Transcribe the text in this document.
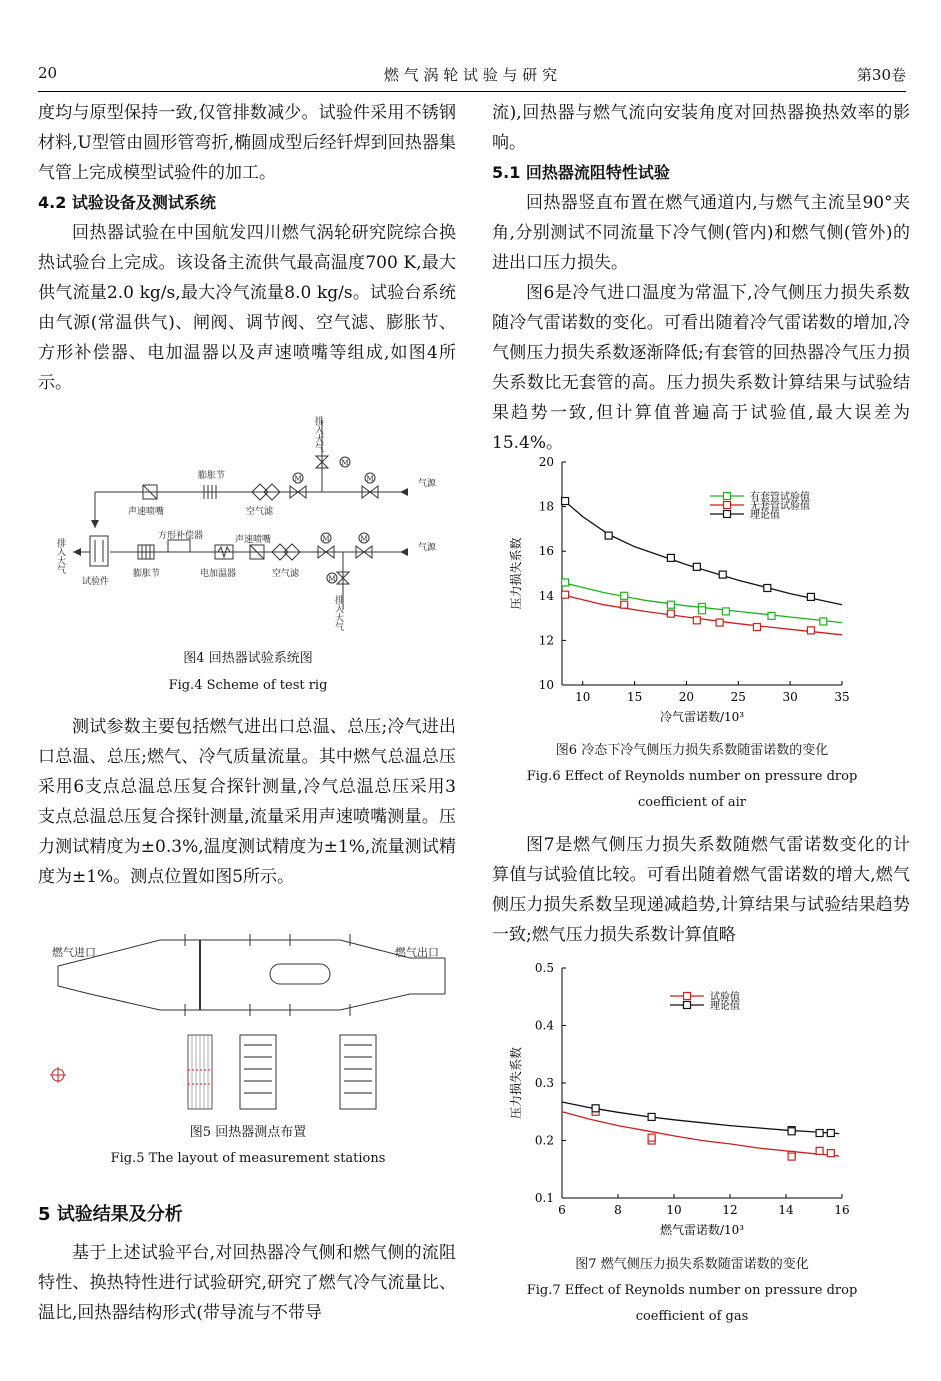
20	燃 气 涡 轮 试 验 与 研 究	第30卷

度均与原型保持一致,仅管排数减少。试验件采用不锈钢材料,U型管由圆形管弯折,椭圆成型后经钎焊到回热器集气管上完成模型试验件的加工。

4.2 试验设备及测试系统

回热器试验在中国航发四川燃气涡轮研究院综合换热试验台上完成。该设备主流供气最高温度700 K,最大供气流量2.0 kg/s,最大冷气流量8.0 kg/s。试验台系统由气源(常温供气)、闸阀、调节阀、空气滤、膨胀节、方形补偿器、电加温器以及声速喷嘴等组成,如图4所示。

排入大气
排入大气
排入大气
膨胀节
声速喷嘴	空气滤
气源
方形补偿器	声速喷嘴
气源
试验件
膨胀节	电加温器	空气滤
M	M
M
M	M
M
图4 回热器试验系统图
Fig.4 Scheme of test rig

测试参数主要包括燃气进出口总温、总压;冷气进出口总温、总压;燃气、冷气质量流量。其中燃气总温总压采用6支点总温总压复合探针测量,冷气总温总压采用3支点总温总压复合探针测量,流量采用声速喷嘴测量。压力测试精度为±0.3%,温度测试精度为±1%,流量测试精度为±1%。测点位置如图5所示。

燃气进口	燃气出口
图5 回热器测点布置
Fig.5 The layout of measurement stations

5 试验结果及分析

基于上述试验平台,对回热器冷气侧和燃气侧的流阻特性、换热特性进行试验研究,研究了燃气冷气流量比、温比,回热器结构形式(带导流与不带导

流),回热器与燃气流向安装角度对回热器换热效率的影响。

5.1 回热器流阻特性试验

回热器竖直布置在燃气通道内,与燃气主流呈90°夹角,分别测试不同流量下冷气侧(管内)和燃气侧(管外)的进出口压力损失。

图6是冷气进口温度为常温下,冷气侧压力损失系数随冷气雷诺数的变化。可看出随着冷气雷诺数的增加,冷气侧压力损失系数逐渐降低;有套管的回热器冷气压力损失系数比无套管的高。压力损失系数计算结果与试验结果趋势一致,但计算值普遍高于试验值,最大误差为15.4%。

10	15	20	25	30	35
10
12
14
16
18
20
冷气雷诺数/10³
压力损失系数
有套管试验值
无套管试验值
理论值
图6 冷态下冷气侧压力损失系数随雷诺数的变化
Fig.6 Effect of Reynolds number on pressure drop
coefficient of air

图7是燃气侧压力损失系数随燃气雷诺数变化的计算值与试验值比较。可看出随着燃气雷诺数的增大,燃气侧压力损失系数呈现递减趋势,计算结果与试验结果趋势一致;燃气压力损失系数计算值略

6	8	10	12	14	16
0.1
0.2
0.3
0.4
0.5
燃气雷诺数/10³
压力损失系数
试验值
理论值
图7 燃气侧压力损失系数随雷诺数的变化
Fig.7 Effect of Reynolds number on pressure drop
coefficient of gas
